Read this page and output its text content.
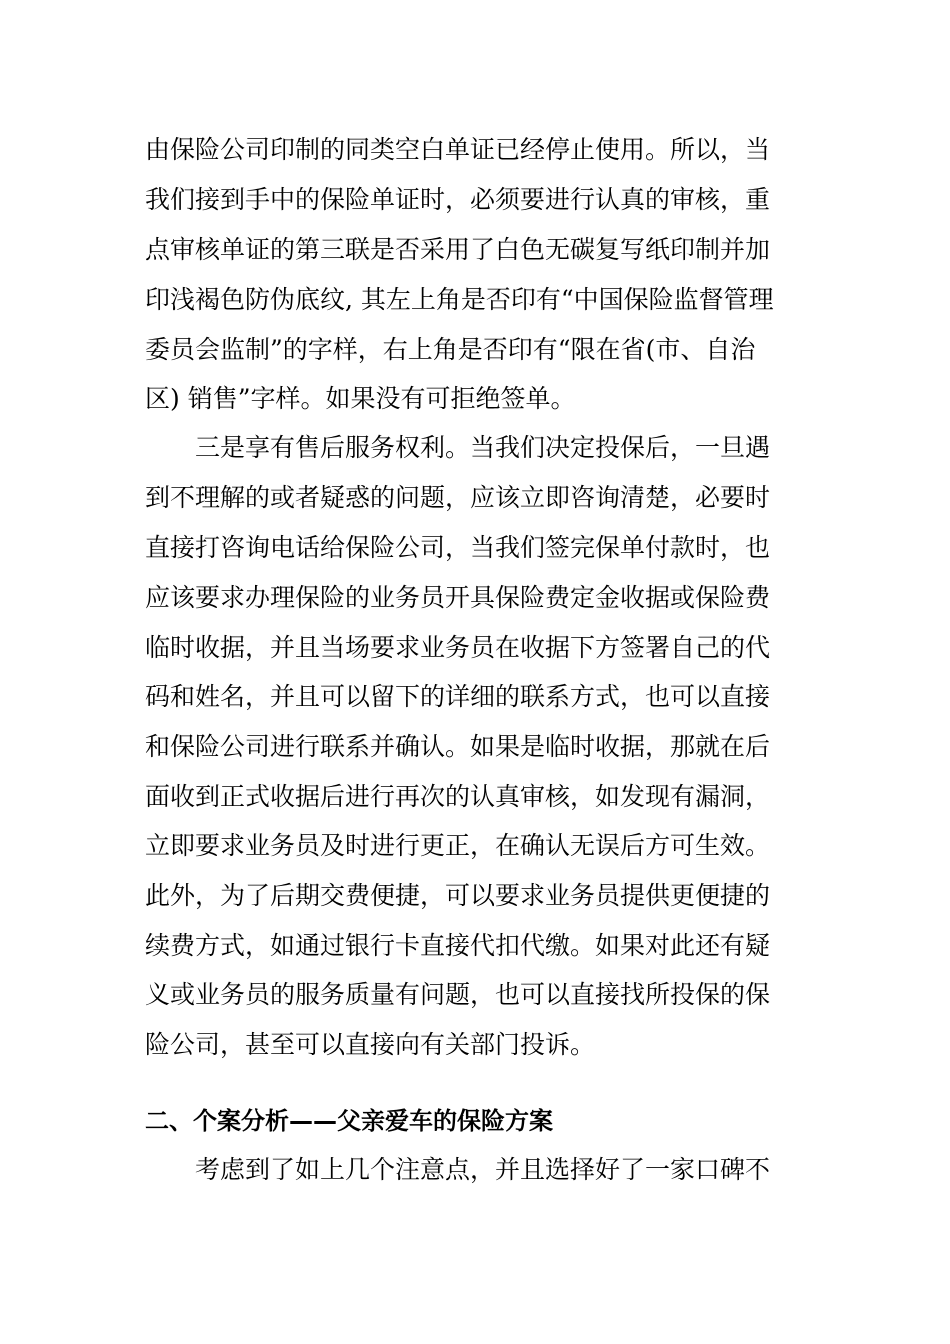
由保险公司印制的同类空白单证已经停止使用。所以，当
我们接到手中的保险单证时，必须要进行认真的审核，重
点审核单证的第三联是否采用了白色无碳复写纸印制并加
印浅褐色防伪底纹, 其左上角是否印有“中国保险监督管理
委员会监制”的字样，右上角是否印有“限在省(市、自治
区) 销售”字样。如果没有可拒绝签单。
三是享有售后服务权利。当我们决定投保后，一旦遇
到不理解的或者疑惑的问题，应该立即咨询清楚，必要时
直接打咨询电话给保险公司，当我们签完保单付款时，也
应该要求办理保险的业务员开具保险费定金收据或保险费
临时收据，并且当场要求业务员在收据下方签署自己的代
码和姓名，并且可以留下的详细的联系方式，也可以直接
和保险公司进行联系并确认。如果是临时收据，那就在后
面收到正式收据后进行再次的认真审核，如发现有漏洞，
立即要求业务员及时进行更正，在确认无误后方可生效。
此外，为了后期交费便捷，可以要求业务员提供更便捷的
续费方式，如通过银行卡直接代扣代缴。如果对此还有疑
义或业务员的服务质量有问题，也可以直接找所投保的保
险公司，甚至可以直接向有关部门投诉。
二、个案分析——父亲爱车的保险方案
考虑到了如上几个注意点，并且选择好了一家口碑不
